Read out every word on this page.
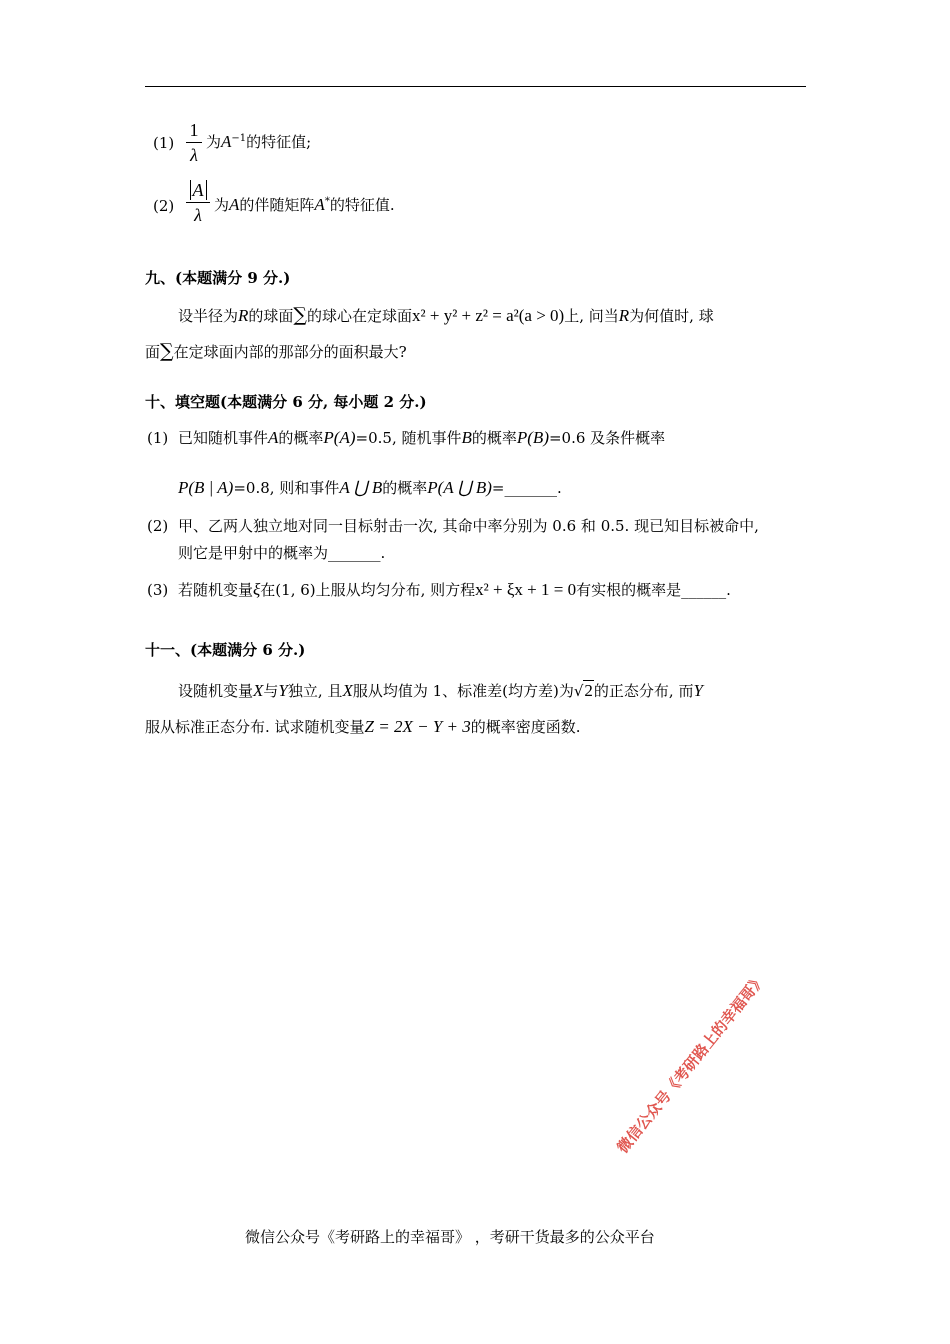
(1)
1
λ
为$A^{-1}$的特征值;
(2)
A
λ 为A的伴随矩阵A*的特征值.
九、(本题满分 9 分.)
设半径为R的球面∑的球心在定球面x² + y² + z² = a²(a > 0)上, 问当R为何值时, 球
面∑在定球面内部的那部分的面积最大?
十、填空题(本题满分 6 分, 每小题 2 分.)
(1) 已知随机事件A的概率P(A)=0.5, 随机事件B的概率P(B)=0.6 及条件概率
P(B | A)=0.8, 则和事件A ⋃ B的概率P(A ⋃ B)=_______.
(2) 甲、乙两人独立地对同一目标射击一次, 其命中率分别为 0.6 和 0.5. 现已知目标被命中,
则它是甲射中的概率为_______.
(3) 若随机变量ξ在(1, 6)上服从均匀分布, 则方程x² + ξx + 1 = 0有实根的概率是______.
十一、(本题满分 6 分.)
设随机变量X与Y独立, 且X服从均值为 1、标准差(均方差)为√2的正态分布, 而Y
服从标准正态分布. 试求随机变量Z = 2X − Y + 3的概率密度函数.
微信公众号《考研路上的幸福哥》
微信公众号《考研路上的幸福哥》 ，考研干货最多的公众平台
